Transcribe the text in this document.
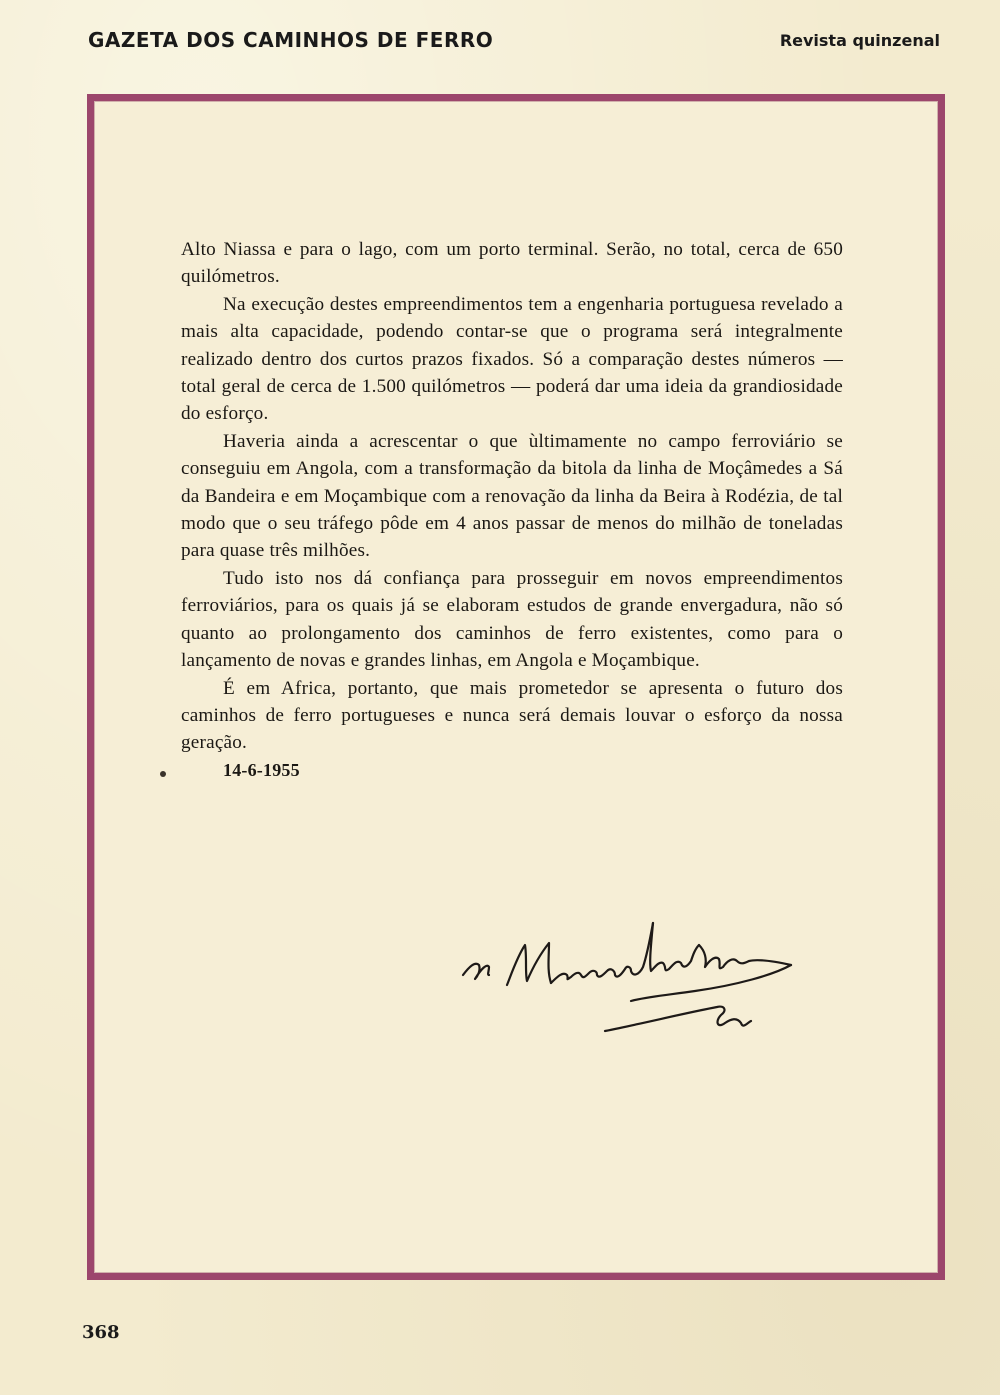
GAZETA DOS CAMINHOS DE FERRO	Revista quinzenal

Alto Niassa e para o lago, com um porto terminal. Serão, no total, cerca de 650 quilómetros.

Na execução destes empreendimentos tem a engenharia portuguesa revelado a mais alta capacidade, podendo contar-se que o programa será integralmente realizado dentro dos curtos prazos fixados. Só a comparação destes números — total geral de cerca de 1.500 quilómetros — poderá dar uma ideia da grandiosidade do esforço.

Haveria ainda a acrescentar o que ùltimamente no campo ferroviário se conseguiu em Angola, com a transformação da bitola da linha de Moçâmedes a Sá da Bandeira e em Moçambique com a renovação da linha da Beira à Rodézia, de tal modo que o seu tráfego pôde em 4 anos passar de menos do milhão de toneladas para quase três milhões.

Tudo isto nos dá confiança para prosseguir em novos empreendimentos ferroviários, para os quais já se elaboram estudos de grande envergadura, não só quanto ao prolongamento dos caminhos de ferro existentes, como para o lançamento de novas e grandes linhas, em Angola e Moçambique.

É em Africa, portanto, que mais prometedor se apresenta o futuro dos caminhos de ferro portugueses e nunca será demais louvar o esforço da nossa geração.

14-6-1955

368
